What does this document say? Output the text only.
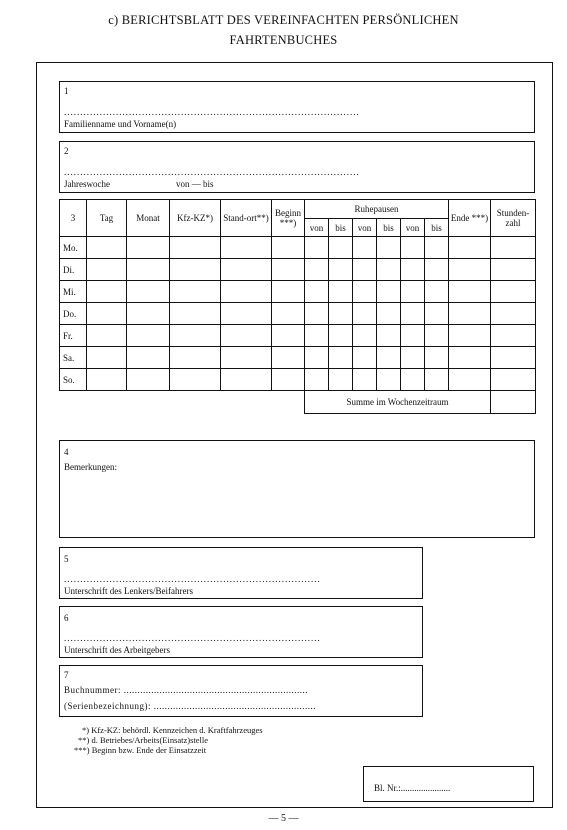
c) BERICHTSBLATT DES VEREINFACHTEN PERSÖNLICHEN
FAHRTENBUCHES
1
...........................................................................................
Familienname und Vorname(n)
2
...........................................................................................
Jahreswoche	von — bis
3	Tag	Monat	Kfz-KZ*)	Stand-ort**)	Beginn ***)	Ruhepausen						Ende ***)	Stunden-zahl
						von	bis	von	bis	von	bis		
Mo.													
Di.													
Mi.													
Do.													
Fr.													
Sa.													
So.													
						Summe im Wochenzeitraum							
4
Bemerkungen:
5
...............................................................................
Unterschrift des Lenkers/Beifahrers
6
...............................................................................
Unterschrift des Arbeitgebers
7
Buchnummer: ...................................................................
(Serienbezeichnung): ...........................................................
*) Kfz-KZ: behördl. Kennzeichen d. Kraftfahrzeuges
**) d. Betriebes/Arbeits(Einsatz)stelle
***) Beginn bzw. Ende der Einsatzzeit
Bl. Nr.:......................
— 5 —
